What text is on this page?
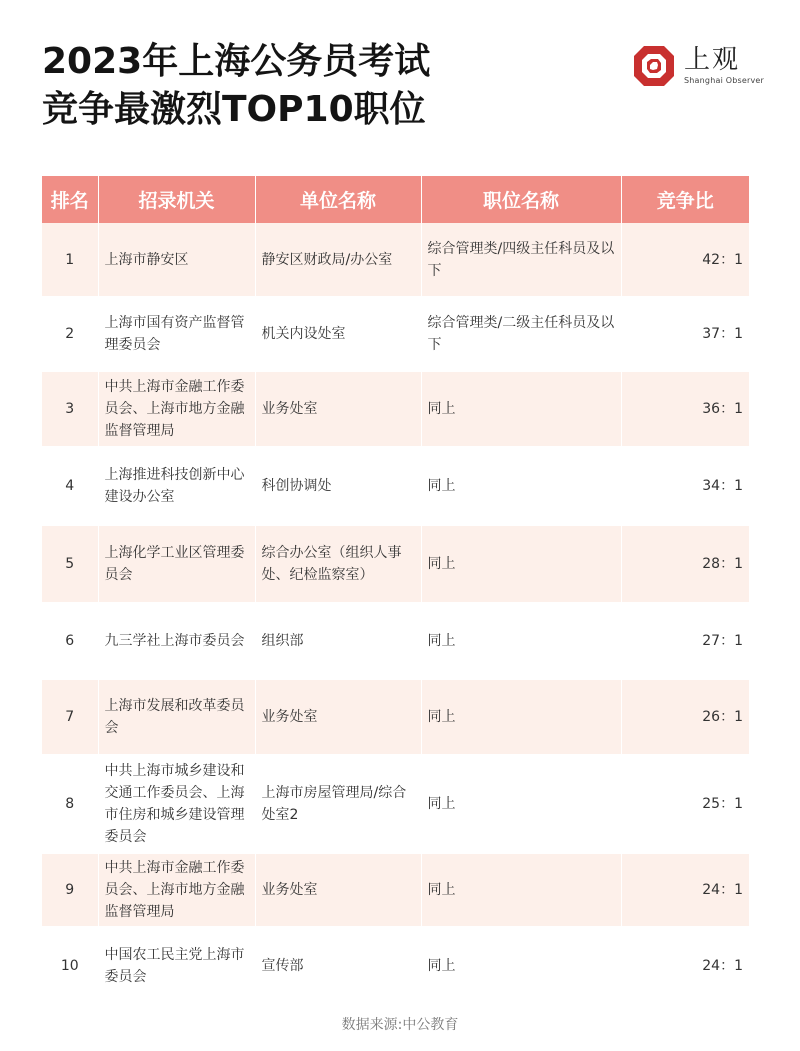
2023年上海公务员考试
竞争最激烈TOP10职位
上观
Shanghai Observer
排名	招录机关	单位名称	职位名称	竞争比
1	上海市静安区	静安区财政局/办公室	综合管理类/四级主任科员及以下	42：1
2	上海市国有资产监督管理委员会	机关内设处室	综合管理类/二级主任科员及以下	37：1
3	中共上海市金融工作委员会、上海市地方金融监督管理局	业务处室	同上	36：1
4	上海推进科技创新中心建设办公室	科创协调处	同上	34：1
5	上海化学工业区管理委员会	综合办公室（组织人事处、纪检监察室）	同上	28：1
6	九三学社上海市委员会	组织部	同上	27：1
7	上海市发展和改革委员会	业务处室	同上	26：1
8	中共上海市城乡建设和交通工作委员会、上海市住房和城乡建设管理委员会	上海市房屋管理局/综合处室2	同上	25：1
9	中共上海市金融工作委员会、上海市地方金融监督管理局	业务处室	同上	24：1
10	中国农工民主党上海市委员会	宣传部	同上	24：1
数据来源:中公教育
